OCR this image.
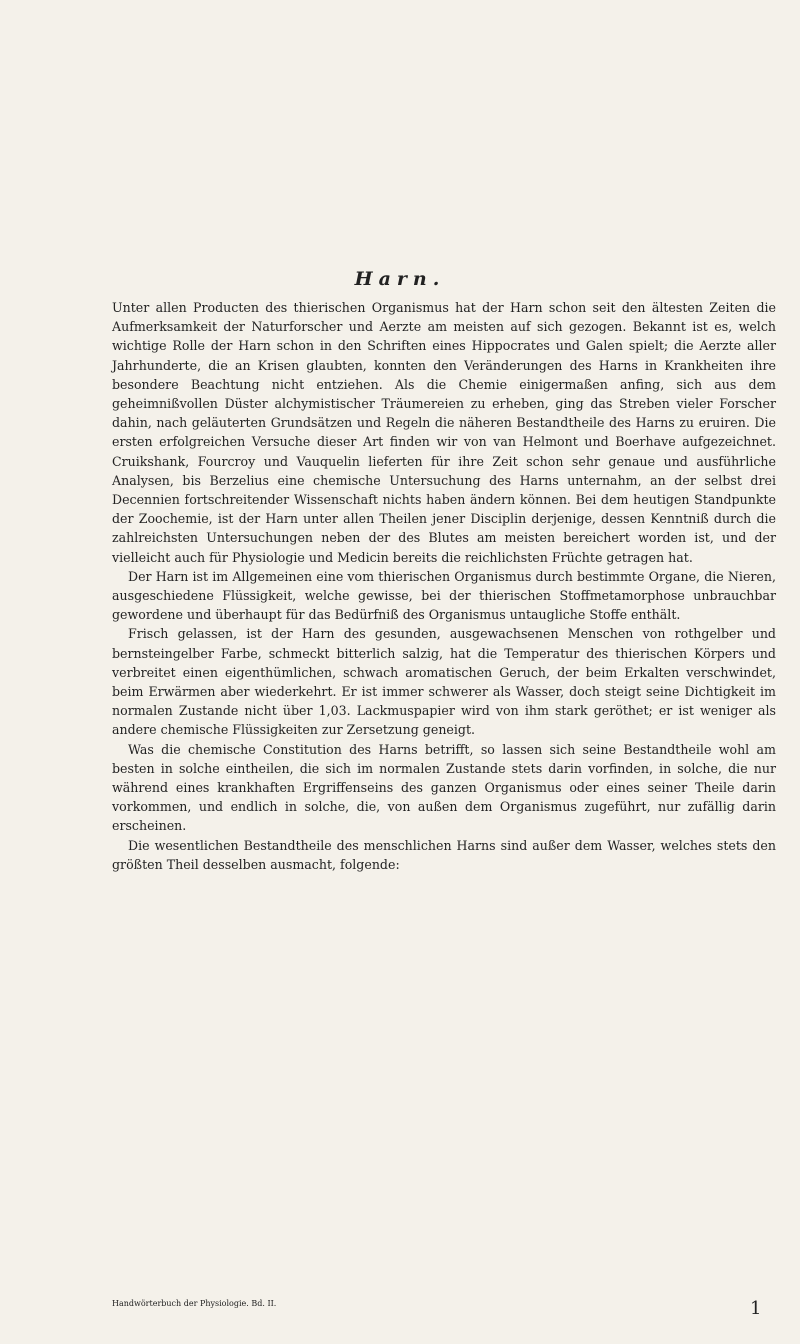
Harn.

Unter allen Producten des thierischen Organismus hat der Harn schon seit den ältesten Zeiten die Aufmerksamkeit der Naturforscher und Aerzte am meisten auf sich gezogen. Bekannt ist es, welch wichtige Rolle der Harn schon in den Schriften eines Hippocrates und Galen spielt; die Aerzte aller Jahrhunderte, die an Krisen glaubten, konnten den Veränderungen des Harns in Krankheiten ihre besondere Beachtung nicht entziehen. Als die Chemie einigermaßen anfing, sich aus dem geheimnißvollen Düster alchymistischer Träumereien zu erheben, ging das Streben vieler Forscher dahin, nach geläuterten Grundsätzen und Regeln die näheren Bestandtheile des Harns zu eruiren. Die ersten erfolgreichen Versuche dieser Art finden wir von van Helmont und Boerhave aufgezeichnet. Cruikshank, Fourcroy und Vauquelin lieferten für ihre Zeit schon sehr genaue und ausführliche Analysen, bis Berzelius eine chemische Untersuchung des Harns unternahm, an der selbst drei Decennien fortschreitender Wissenschaft nichts haben ändern können. Bei dem heutigen Standpunkte der Zoochemie, ist der Harn unter allen Theilen jener Disciplin derjenige, dessen Kenntniß durch die zahlreichsten Untersuchungen neben der des Blutes am meisten bereichert worden ist, und der vielleicht auch für Physiologie und Medicin bereits die reichlichsten Früchte getragen hat.

Der Harn ist im Allgemeinen eine vom thierischen Organismus durch bestimmte Organe, die Nieren, ausgeschiedene Flüssigkeit, welche gewisse, bei der thierischen Stoffmetamorphose unbrauchbar gewordene und überhaupt für das Bedürfniß des Organismus untaugliche Stoffe enthält.

Frisch gelassen, ist der Harn des gesunden, ausgewachsenen Menschen von rothgelber und bernsteingelber Farbe, schmeckt bitterlich salzig, hat die Temperatur des thierischen Körpers und verbreitet einen eigenthümlichen, schwach aromatischen Geruch, der beim Erkalten verschwindet, beim Erwärmen aber wiederkehrt. Er ist immer schwerer als Wasser, doch steigt seine Dichtigkeit im normalen Zustande nicht über 1,03. Lackmuspapier wird von ihm stark geröthet; er ist weniger als andere chemische Flüssigkeiten zur Zersetzung geneigt.

Was die chemische Constitution des Harns betrifft, so lassen sich seine Bestandtheile wohl am besten in solche eintheilen, die sich im normalen Zustande stets darin vorfinden, in solche, die nur während eines krankhaften Ergriffenseins des ganzen Organismus oder eines seiner Theile darin vorkommen, und endlich in solche, die, von außen dem Organismus zugeführt, nur zufällig darin erscheinen.

Die wesentlichen Bestandtheile des menschlichen Harns sind außer dem Wasser, welches stets den größten Theil desselben ausmacht, folgende:

Handwörterbuch der Physiologie. Bd. II.	1
